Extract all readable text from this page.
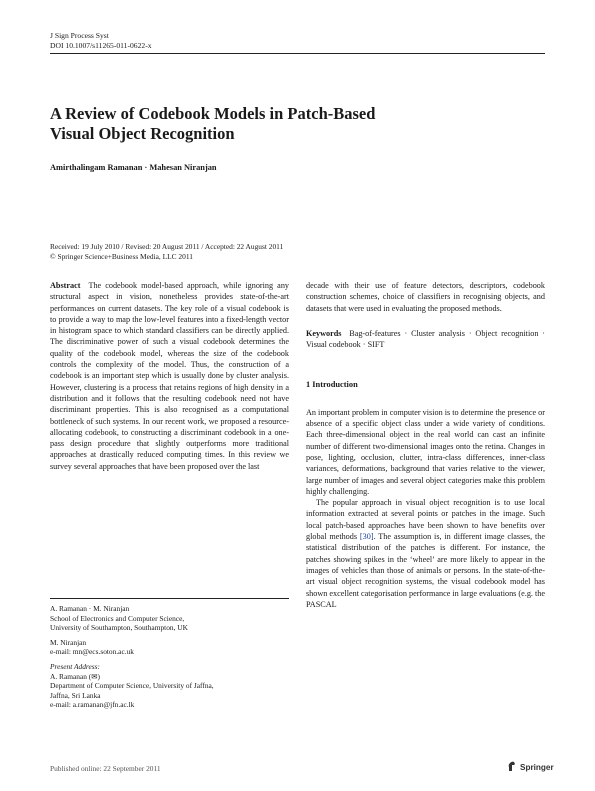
J Sign Process Syst
DOI 10.1007/s11265-011-0622-x
A Review of Codebook Models in Patch-Based
Visual Object Recognition
Amirthalingam Ramanan · Mahesan Niranjan
Received: 19 July 2010 / Revised: 20 August 2011 / Accepted: 22 August 2011
© Springer Science+Business Media, LLC 2011

Abstract The codebook model-based approach, while ignoring any structural aspect in vision, nonetheless provides state-of-the-art performances on current datasets. The key role of a visual codebook is to provide a way to map the low-level features into a fixed-length vector in histogram space to which standard classifiers can be directly applied. The discriminative power of such a visual codebook determines the quality of the codebook model, whereas the size of the codebook controls the complexity of the model. Thus, the construction of a codebook is an important step which is usually done by cluster analysis. However, clustering is a process that retains regions of high density in a distribution and it follows that the resulting codebook need not have discriminant properties. This is also recognised as a computational bottleneck of such systems. In our recent work, we proposed a resource-allocating codebook, to constructing a discriminant codebook in a one-pass design procedure that slightly outperforms more traditional approaches at drastically reduced computing times. In this review we survey several approaches that have been proposed over the last

decade with their use of feature detectors, descriptors, codebook construction schemes, choice of classifiers in recognising objects, and datasets that were used in evaluating the proposed methods.

Keywords Bag-of-features · Cluster analysis · Object recognition · Visual codebook · SIFT

1 Introduction

An important problem in computer vision is to determine the presence or absence of a specific object class under a wide variety of conditions. Each three-dimensional object in the real world can cast an infinite number of different two-dimensional images onto the retina. Changes in pose, lighting, occlusion, clutter, intra-class differences, inner-class variances, deformations, background that varies relative to the viewer, large number of images and several object categories make this problem highly challenging.

The popular approach in visual object recognition is to use local information extracted at several points or patches in the image. Such local patch-based approaches have been shown to have benefits over global methods [30]. The assumption is, in different image classes, the statistical distribution of the patches is different. For instance, the patches showing spikes in the ‘wheel’ are more likely to appear in the images of vehicles than those of animals or persons. In the state-of-the-art visual object recognition systems, the visual codebook model has shown excellent categorisation performance in large evaluations (e.g. the PASCAL

A. Ramanan · M. Niranjan

School of Electronics and Computer Science,

University of Southampton, Southampton, UK

M. Niranjan

e-mail: mn@ecs.soton.ac.uk

Present Address:

A. Ramanan (✉)

Department of Computer Science, University of Jaffna,

Jaffna, Sri Lanka

e-mail: a.ramanan@jfn.ac.lk

Published online: 22 September 2011	Springer
